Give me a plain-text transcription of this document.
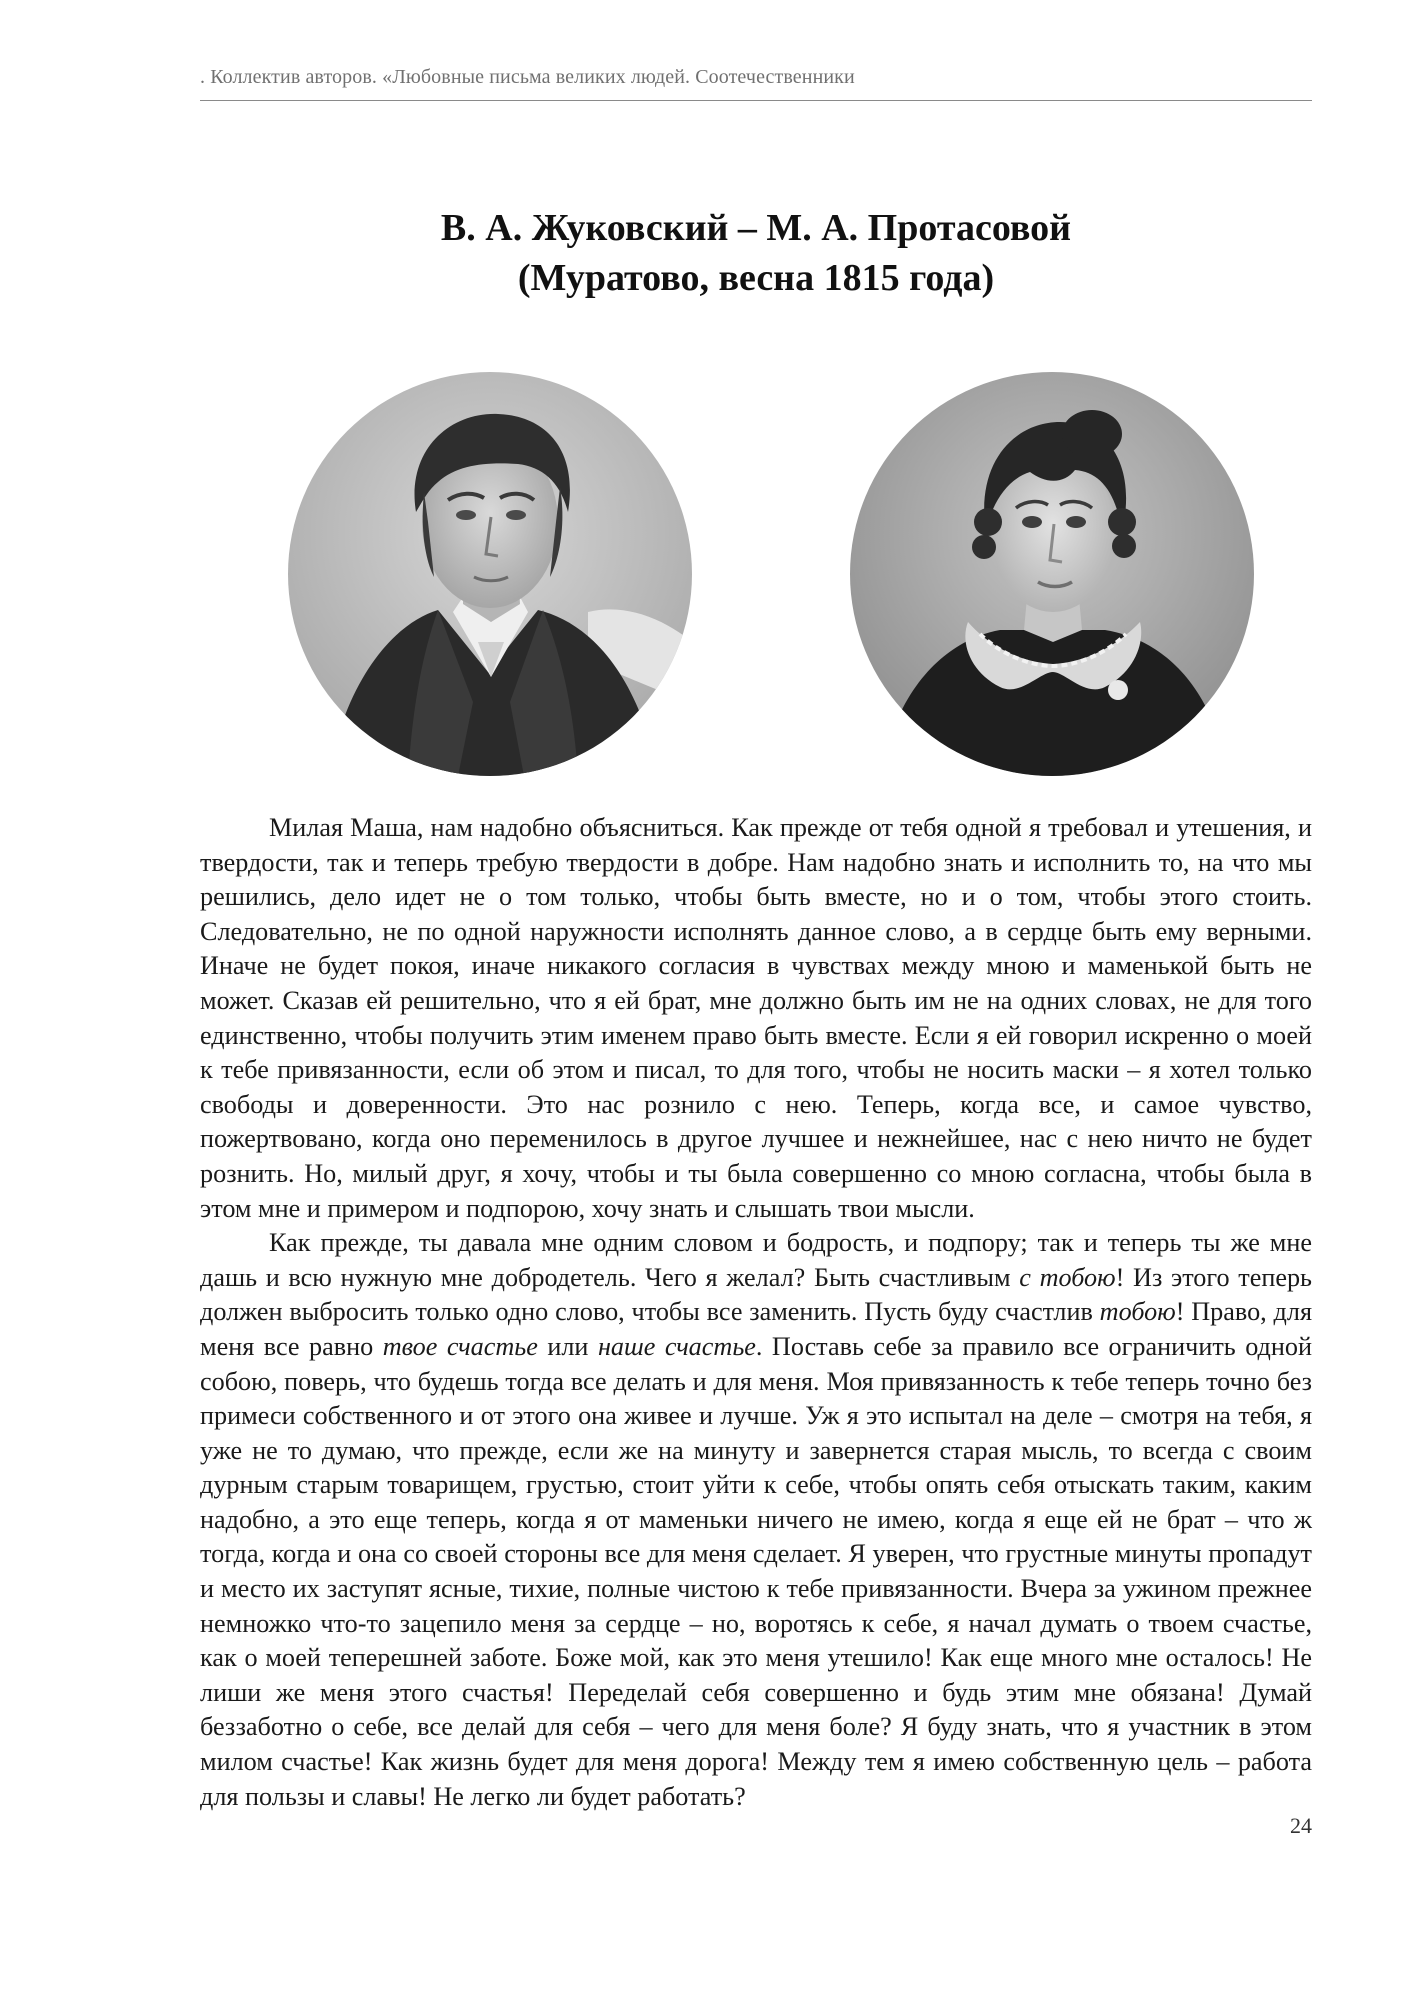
. Коллектив авторов. «Любовные письма великих людей. Соотечественники
В. А. Жуковский – М. А. Протасовой
(Муратово, весна 1815 года)

Милая Маша, нам надобно объясниться. Как прежде от тебя одной я требовал и утешения, и твердости, так и теперь требую твердости в добре. Нам надобно знать и исполнить то, на что мы решились, дело идет не о том только, чтобы быть вместе, но и о том, чтобы этого стоить. Следовательно, не по одной наружности исполнять данное слово, а в сердце быть ему верными. Иначе не будет покоя, иначе никакого согласия в чувствах между мною и маменькой быть не может. Сказав ей решительно, что я ей брат, мне должно быть им не на одних словах, не для того единственно, чтобы получить этим именем право быть вместе. Если я ей говорил искренно о моей к тебе привязанности, если об этом и писал, то для того, чтобы не носить маски – я хотел только свободы и доверенности. Это нас рознило с нею. Теперь, когда все, и самое чувство, пожертвовано, когда оно переменилось в другое лучшее и нежнейшее, нас с нею ничто не будет рознить. Но, милый друг, я хочу, чтобы и ты была совершенно со мною согласна, чтобы была в этом мне и примером и подпорою, хочу знать и слышать твои мысли.

Как прежде, ты давала мне одним словом и бодрость, и подпору; так и теперь ты же мне дашь и всю нужную мне добродетель. Чего я желал? Быть счастливым с тобою! Из этого теперь должен выбросить только одно слово, чтобы все заменить. Пусть буду счастлив тобою! Право, для меня все равно твое счастье или наше счастье. Поставь себе за правило все ограничить одной собою, поверь, что будешь тогда все делать и для меня. Моя привязанность к тебе теперь точно без примеси собственного и от этого она живее и лучше. Уж я это испытал на деле – смотря на тебя, я уже не то думаю, что прежде, если же на минуту и завернется старая мысль, то всегда с своим дурным старым товарищем, грустью, стоит уйти к себе, чтобы опять себя отыскать таким, каким надобно, а это еще теперь, когда я от маменьки ничего не имею, когда я еще ей не брат – что ж тогда, когда и она со своей стороны все для меня сделает. Я уверен, что грустные минуты пропадут и место их заступят ясные, тихие, полные чистою к тебе привязанности. Вчера за ужином прежнее немножко что-то зацепило меня за сердце – но, воротясь к себе, я начал думать о твоем счастье, как о моей теперешней заботе. Боже мой, как это меня утешило! Как еще много мне осталось! Не лиши же меня этого счастья! Переделай себя совершенно и будь этим мне обязана! Думай беззаботно о себе, все делай для себя – чего для меня боле? Я буду знать, что я участник в этом милом счастье! Как жизнь будет для меня дорога! Между тем я имею собственную цель – работа для пользы и славы! Не легко ли будет работать?

24
